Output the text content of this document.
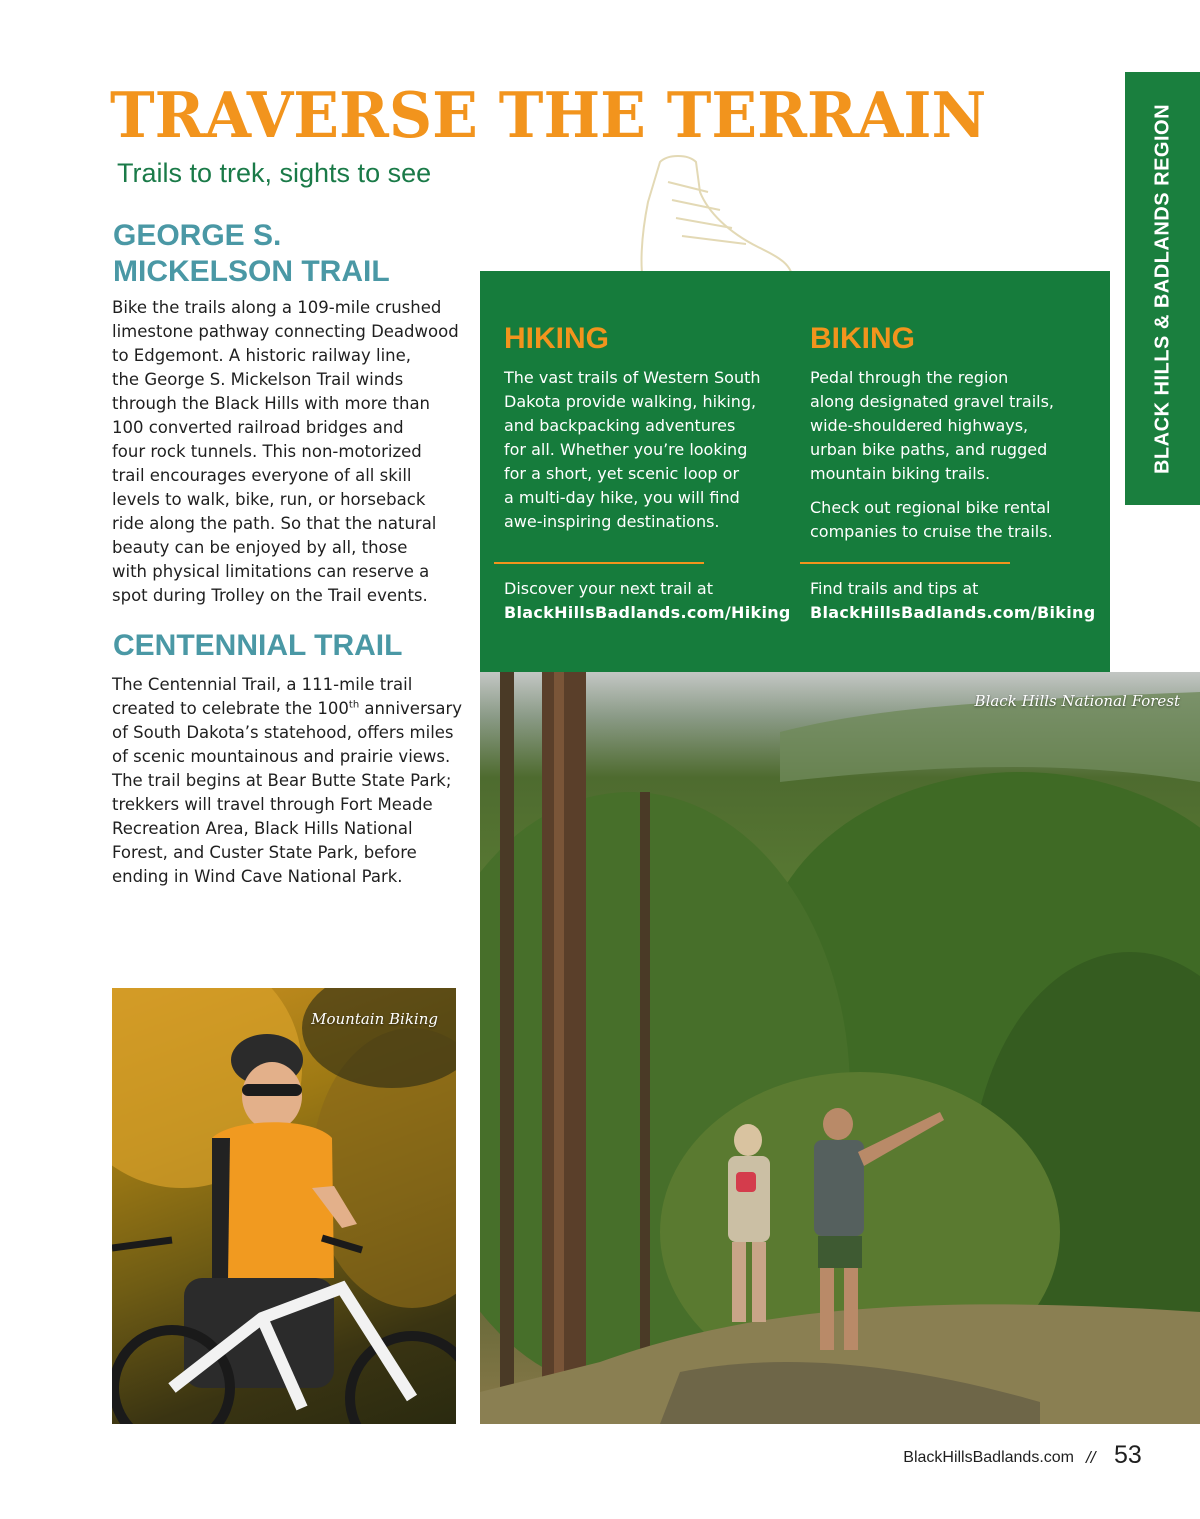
TRAVERSE THE TERRAIN
Trails to trek, sights to see	BLACK HILLS & BADLANDS REGION
GEORGE S.
MICKELSON TRAIL
Bike the trails along a 109-mile crushed
limestone pathway connecting Deadwood
to Edgemont. A historic railway line,
the George S. Mickelson Trail winds
through the Black Hills with more than
100 converted railroad bridges and
four rock tunnels. This non-motorized
trail encourages everyone of all skill
levels to walk, bike, run, or horseback
ride along the path. So that the natural
beauty can be enjoyed by all, those
with physical limitations can reserve a
spot during Trolley on the Trail events.
CENTENNIAL TRAIL
The Centennial Trail, a 111-mile trail
created to celebrate the 100th anniversary
of South Dakota’s statehood, offers miles
of scenic mountainous and prairie views.
The trail begins at Bear Butte State Park;
trekkers will travel through Fort Meade
Recreation Area, Black Hills National
Forest, and Custer State Park, before
ending in Wind Cave National Park.
HIKING
The vast trails of Western South
Dakota provide walking, hiking,
and backpacking adventures
for all. Whether you’re looking
for a short, yet scenic loop or
a multi-day hike, you will find
awe-inspiring destinations.
Discover your next trail at
BlackHillsBadlands.com/Hiking
BIKING
Pedal through the region
along designated gravel trails,
wide-shouldered highways,
urban bike paths, and rugged
mountain biking trails.
Check out regional bike rental
companies to cruise the trails.
Find trails and tips at
BlackHillsBadlands.com/Biking
Black Hills National Forest
Mountain Biking
BlackHillsBadlands.com // 53
